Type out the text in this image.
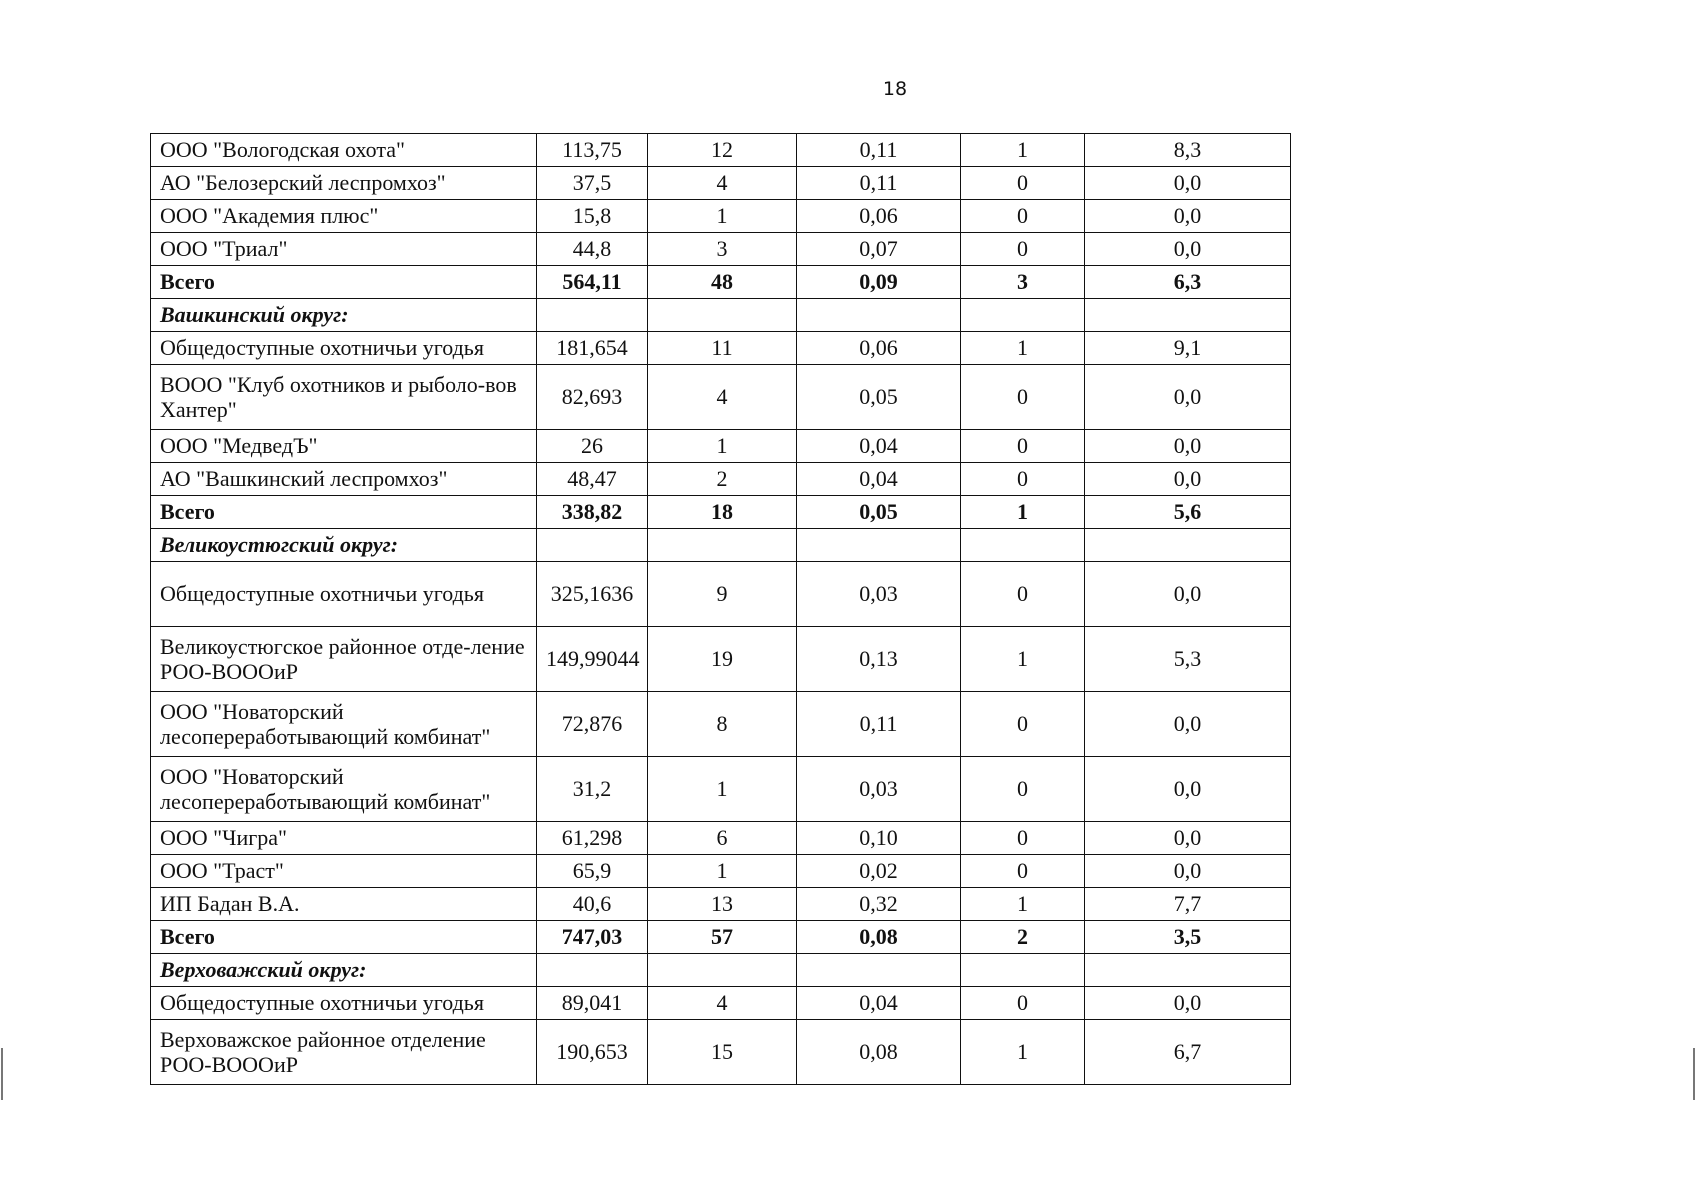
18
ООО "Вологодская охота"	113,75	12	0,11	1	8,3
АО "Белозерский леспромхоз"	37,5	4	0,11	0	0,0
ООО "Академия плюс"	15,8	1	0,06	0	0,0
ООО "Триал"	44,8	3	0,07	0	0,0
Всего	564,11	48	0,09	3	6,3
Вашкинский округ:					
Общедоступные охотничьи угодья	181,654	11	0,06	1	9,1
ВООО "Клуб охотников и рыболо-вов Хантер"	82,693	4	0,05	0	0,0
ООО "МедведЪ"	26	1	0,04	0	0,0
АО "Вашкинский леспромхоз"	48,47	2	0,04	0	0,0
Всего	338,82	18	0,05	1	5,6
Великоустюгский округ:					
Общедоступные охотничьи угодья	325,1636	9	0,03	0	0,0
Великоустюгское районное отде-ление РОО-ВОООиР	149,99044	19	0,13	1	5,3
ООО "Новаторский лесопереработывающий комбинат"	72,876	8	0,11	0	0,0
ООО "Новаторский лесопереработывающий комбинат"	31,2	1	0,03	0	0,0
ООО "Чигра"	61,298	6	0,10	0	0,0
ООО "Траст"	65,9	1	0,02	0	0,0
ИП Бадан В.А.	40,6	13	0,32	1	7,7
Всего	747,03	57	0,08	2	3,5
Верховажский округ:					
Общедоступные охотничьи угодья	89,041	4	0,04	0	0,0
Верховажское районное отделение РОО-ВОООиР	190,653	15	0,08	1	6,7
